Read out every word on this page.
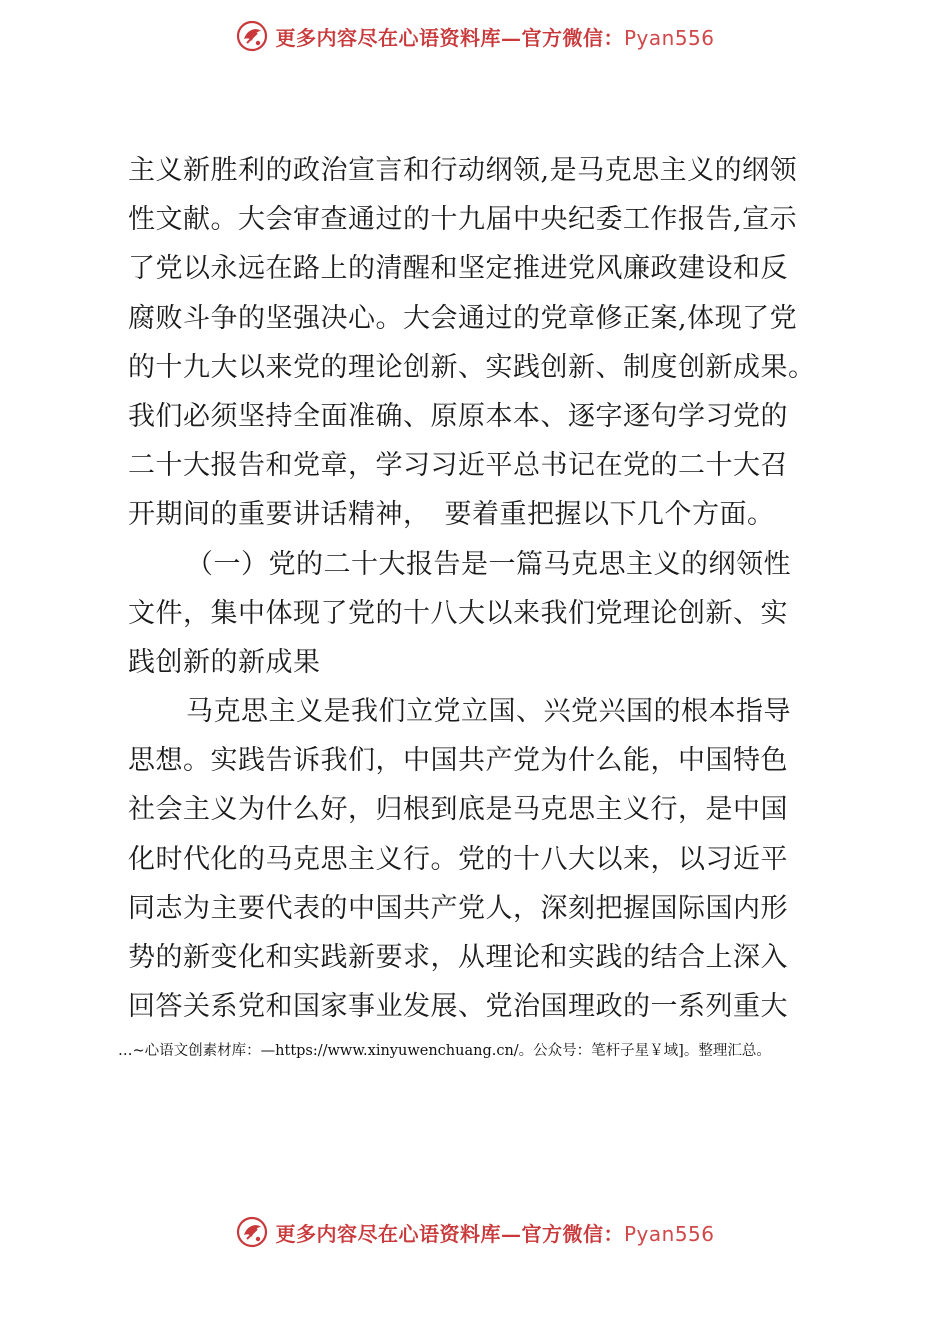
更多内容尽在心语资料库—官方微信：Pyan556
主义新胜利的政治宣言和行动纲领,是马克思主义的纲领
性文献。大会审查通过的十九届中央纪委工作报告,宣示
了党以永远在路上的清醒和坚定推进党风廉政建设和反
腐败斗争的坚强决心。大会通过的党章修正案,体现了党
的十九大以来党的理论创新、实践创新、制度创新成果。
我们必须坚持全面准确、原原本本、逐字逐句学习党的
二十大报告和党章，学习习近平总书记在党的二十大召
开期间的重要讲话精神，　要着重把握以下几个方面。
（一）党的二十大报告是一篇马克思主义的纲领性
文件，集中体现了党的十八大以来我们党理论创新、实
践创新的新成果
马克思主义是我们立党立国、兴党兴国的根本指导
思想。实践告诉我们，中国共产党为什么能，中国特色
社会主义为什么好，归根到底是马克思主义行，是中国
化时代化的马克思主义行。党的十八大以来，以习近平
同志为主要代表的中国共产党人，深刻把握国际国内形
势的新变化和实践新要求，从理论和实践的结合上深入
回答关系党和国家事业发展、党治国理政的一系列重大
…~心语文创素材库：—https://www.xinyuwenchuang.cn/。公众号：笔杆子星￥域]。整理汇总。
更多内容尽在心语资料库—官方微信：Pyan556
